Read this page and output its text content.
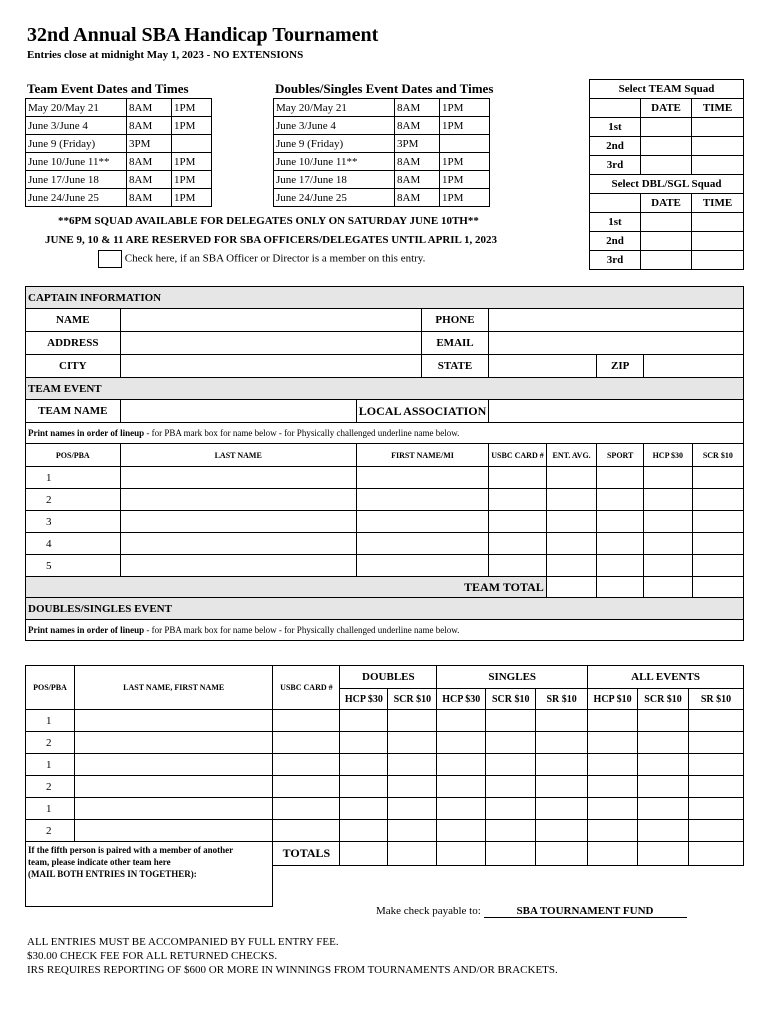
32nd Annual SBA Handicap Tournament
Entries close at midnight May 1, 2023 - NO EXTENSIONS
Team Event Dates and Times
May 20/May 21	8AM	1PM
June 3/June 4	8AM	1PM
June 9 (Friday)	3PM	
June 10/June 11**	8AM	1PM
June 17/June 18	8AM	1PM
June 24/June 25	8AM	1PM
Doubles/Singles Event Dates and Times
May 20/May 21	8AM	1PM
June 3/June 4	8AM	1PM
June 9 (Friday)	3PM	
June 10/June 11**	8AM	1PM
June 17/June 18	8AM	1PM
June 24/June 25	8AM	1PM
Select TEAM Squad		
	DATE	TIME
1st		
2nd		
3rd		
Select DBL/SGL Squad		
	DATE	TIME
1st		
2nd		
3rd		
**6PM SQUAD AVAILABLE FOR DELEGATES ONLY ON SATURDAY JUNE 10TH**
JUNE 9, 10 & 11 ARE RESERVED FOR SBA OFFICERS/DELEGATES UNTIL APRIL 1, 2023
Check here, if an SBA Officer or Director is a member on this entry.
CAPTAIN INFORMATION								
NAME			PHONE					
ADDRESS			EMAIL					
CITY			STATE			ZIP		
TEAM EVENT								
TEAM NAME		LOCAL ASSOCIATION						
Print names in order of lineup - for PBA mark box for name below - for Physically challenged underline name below.								
POS/PBA	LAST NAME	FIRST NAME/MI		USBC CARD #	ENT. AVG.	SPORT	HCP $30	SCR $10
1								
2								
3								
4								
5								
TEAM TOTAL								
DOUBLES/SINGLES EVENT								
Print names in order of lineup - for PBA mark box for name below - for Physically challenged underline name below.								
POS/PBA	LAST NAME, FIRST NAME	USBC CARD #	DOUBLES		SINGLES			ALL EVENTS		
			HCP $30	SCR $10	HCP $30	SCR $10	SR $10	HCP $10	SCR $10	SR $10
1										
2										
1										
2										
1										
2										

If the fifth person is paired with a member of another
team, please indicate other team here
(MAIL BOTH ENTRIES IN TOGETHER):		TOTALS								

Make check payable to:	SBA TOURNAMENT FUND
ALL ENTRIES MUST BE ACCOMPANIED BY FULL ENTRY FEE.
$30.00 CHECK FEE FOR ALL RETURNED CHECKS.
IRS REQUIRES REPORTING OF $600 OR MORE IN WINNINGS FROM TOURNAMENTS AND/OR BRACKETS.
